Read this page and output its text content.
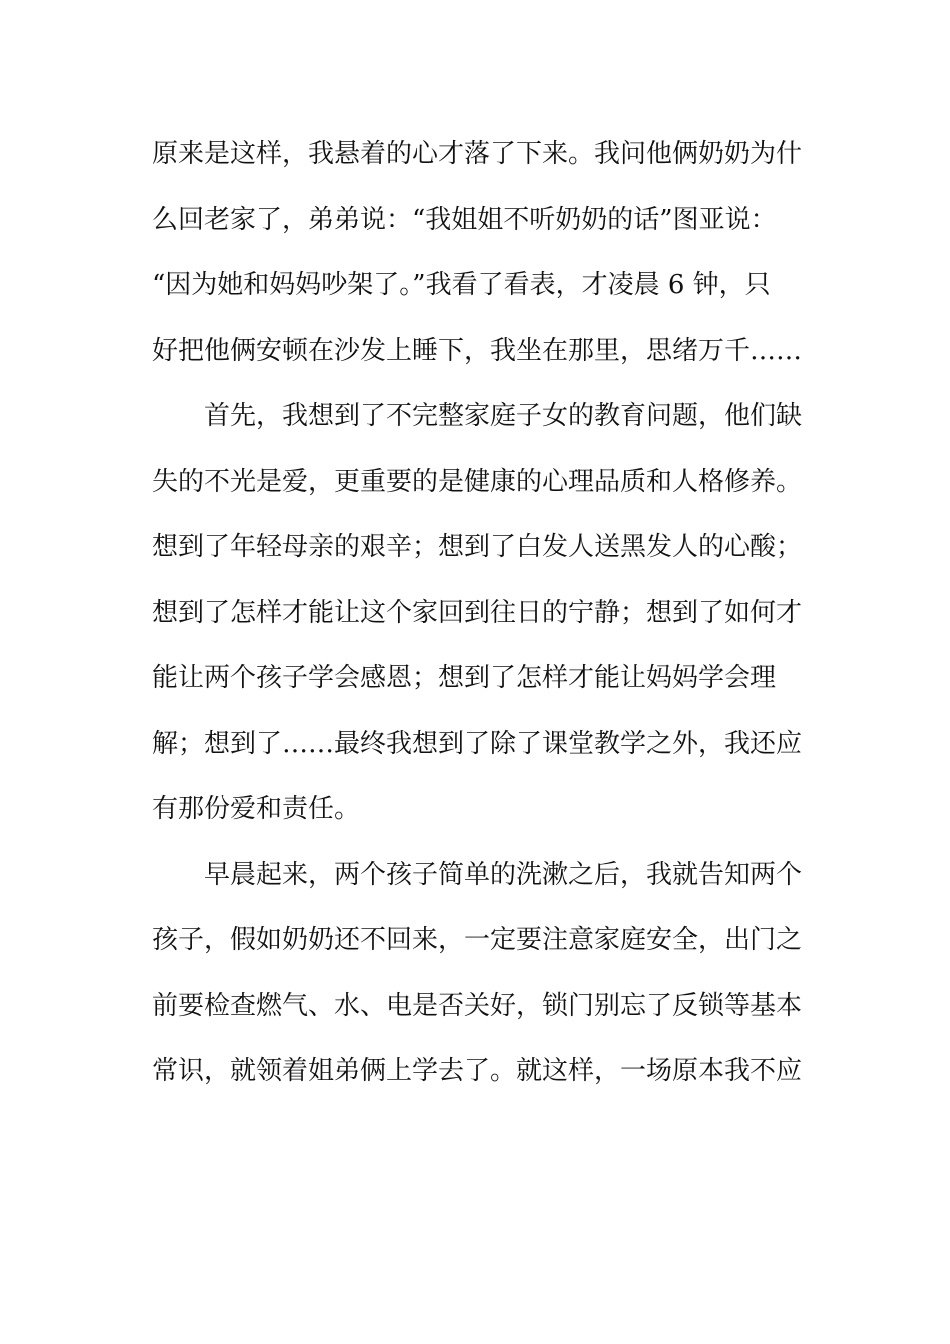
原来是这样，我悬着的心才落了下来。我问他俩奶奶为什
么回老家了，弟弟说：“我姐姐不听奶奶的话”图亚说：
“因为她和妈妈吵架了。”我看了看表，才凌晨 6 钟，只
好把他俩安顿在沙发上睡下，我坐在那里，思绪万千……
首先，我想到了不完整家庭子女的教育问题，他们缺
失的不光是爱，更重要的是健康的心理品质和人格修养。
想到了年轻母亲的艰辛；想到了白发人送黑发人的心酸；
想到了怎样才能让这个家回到往日的宁静；想到了如何才
能让两个孩子学会感恩；想到了怎样才能让妈妈学会理
解；想到了……最终我想到了除了课堂教学之外，我还应
有那份爱和责任。
早晨起来，两个孩子简单的洗漱之后，我就告知两个
孩子，假如奶奶还不回来，一定要注意家庭安全，出门之
前要检查燃气、水、电是否关好，锁门别忘了反锁等基本
常识，就领着姐弟俩上学去了。就这样，一场原本我不应
